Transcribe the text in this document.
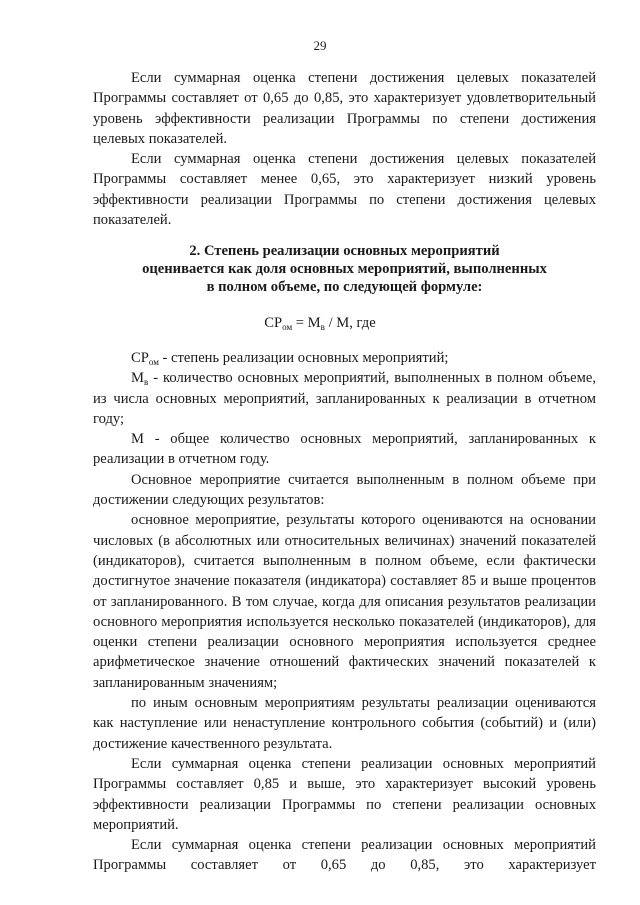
29

Если суммарная оценка степени достижения целевых показателей Программы составляет от 0,65 до 0,85, это характеризует удовлетворительный уровень эффективности реализации Программы по степени достижения целевых показателей.

Если суммарная оценка степени достижения целевых показателей Программы составляет менее 0,65, это характеризует низкий уровень эффективности реализации Программы по степени достижения целевых показателей.

2. Степень реализации основных мероприятий
оценивается как доля основных мероприятий, выполненных
в полном объеме, по следующей формуле:
$СР_{ом} = М_в / М$, где

$СР_{ом}$ - степень реализации основных мероприятий;

$М_в$ - количество основных мероприятий, выполненных в полном объеме, из числа основных мероприятий, запланированных к реализации в отчетном году;

М - общее количество основных мероприятий, запланированных к реализации в отчетном году.

Основное мероприятие считается выполненным в полном объеме при достижении следующих результатов:

основное мероприятие, результаты которого оцениваются на основании числовых (в абсолютных или относительных величинах) значений показателей (индикаторов), считается выполненным в полном объеме, если фактически достигнутое значение показателя (индикатора) составляет 85 и выше процентов от запланированного. В том случае, когда для описания результатов реализации основного мероприятия используется несколько показателей (индикаторов), для оценки степени реализации основного мероприятия используется среднее арифметическое значение отношений фактических значений показателей к запланированным значениям;

по иным основным мероприятиям результаты реализации оцениваются как наступление или ненаступление контрольного события (событий) и (или) достижение качественного результата.

Если суммарная оценка степени реализации основных мероприятий Программы составляет 0,85 и выше, это характеризует высокий уровень эффективности реализации Программы по степени реализации основных мероприятий.

Если суммарная оценка степени реализации основных мероприятий Программы составляет от 0,65 до 0,85, это характеризует
